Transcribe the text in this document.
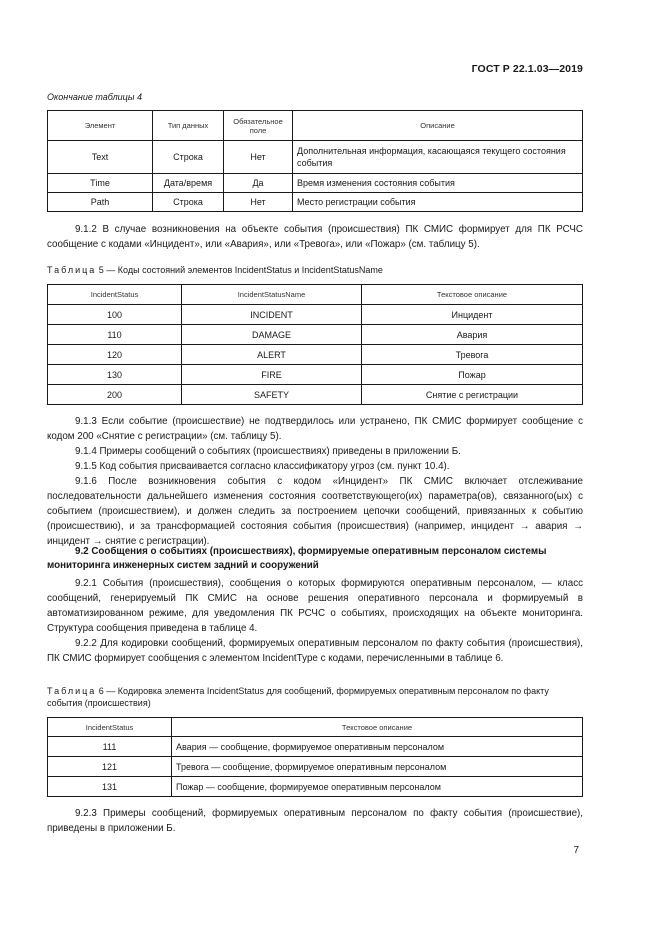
ГОСТ Р 22.1.03—2019
Окончание таблицы 4
Элемент	Тип данных	Обязательное поле	Описание
Text	Строка	Нет	Дополнительная информация, касающаяся текущего состояния события
Time	Дата/время	Да	Время изменения состояния события
Path	Строка	Нет	Место регистрации события

9.1.2 В случае возникновения на объекте события (происшествия) ПК СМИС формирует для ПК РСЧС сообщение с кодами «Инцидент», или «Авария», или «Тревога», или «Пожар» (см. таблицу 5).

Таблица 5 — Коды состояний элементов IncidentStatus и IncidentStatusName
IncidentStatus	IncidentStatusName	Текстовое описание
100	INCIDENT	Инцидент
110	DAMAGE	Авария
120	ALERT	Тревога
130	FIRE	Пожар
200	SAFETY	Снятие с регистрации

9.1.3 Если событие (происшествие) не подтвердилось или устранено, ПК СМИС формирует сообщение с кодом 200 «Снятие с регистрации» (см. таблицу 5).

9.1.4 Примеры сообщений о событиях (происшествиях) приведены в приложении Б.

9.1.5 Код события присваивается согласно классификатору угроз (см. пункт 10.4).

9.1.6 После возникновения события с кодом «Инцидент» ПК СМИС включает отслеживание последовательности дальнейшего изменения состояния соответствующего(их) параметра(ов), связанного(ых) с событием (происшествием), и должен следить за построением цепочки сообщений, привязанных к событию (происшествию), и за трансформацией состояния события (происшествия) (например, инцидент → авария → инцидент → снятие с регистрации).

9.2 Сообщения о событиях (происшествиях), формируемые оперативным персоналом системы мониторинга инженерных систем задний и сооружений

9.2.1 События (происшествия), сообщения о которых формируются оперативным персоналом, — класс сообщений, генерируемый ПК СМИС на основе решения оперативного персонала и формируемый в автоматизированном режиме, для уведомления ПК РСЧС о событиях, происходящих на объекте мониторинга. Структура сообщения приведена в таблице 4.

9.2.2 Для кодировки сообщений, формируемых оперативным персоналом по факту события (происшествия), ПК СМИС формирует сообщения с элементом IncidentType с кодами, перечисленными в таблице 6.

Таблица 6 — Кодировка элемента IncidentStatus для сообщений, формируемых оперативным персоналом по факту события (происшествия)
IncidentStatus	Текстовое описание
111	Авария — сообщение, формируемое оперативным персоналом
121	Тревога — сообщение, формируемое оперативным персоналом
131	Пожар — сообщение, формируемое оперативным персоналом

9.2.3 Примеры сообщений, формируемых оперативным персоналом по факту события (происшествие), приведены в приложении Б.

7
